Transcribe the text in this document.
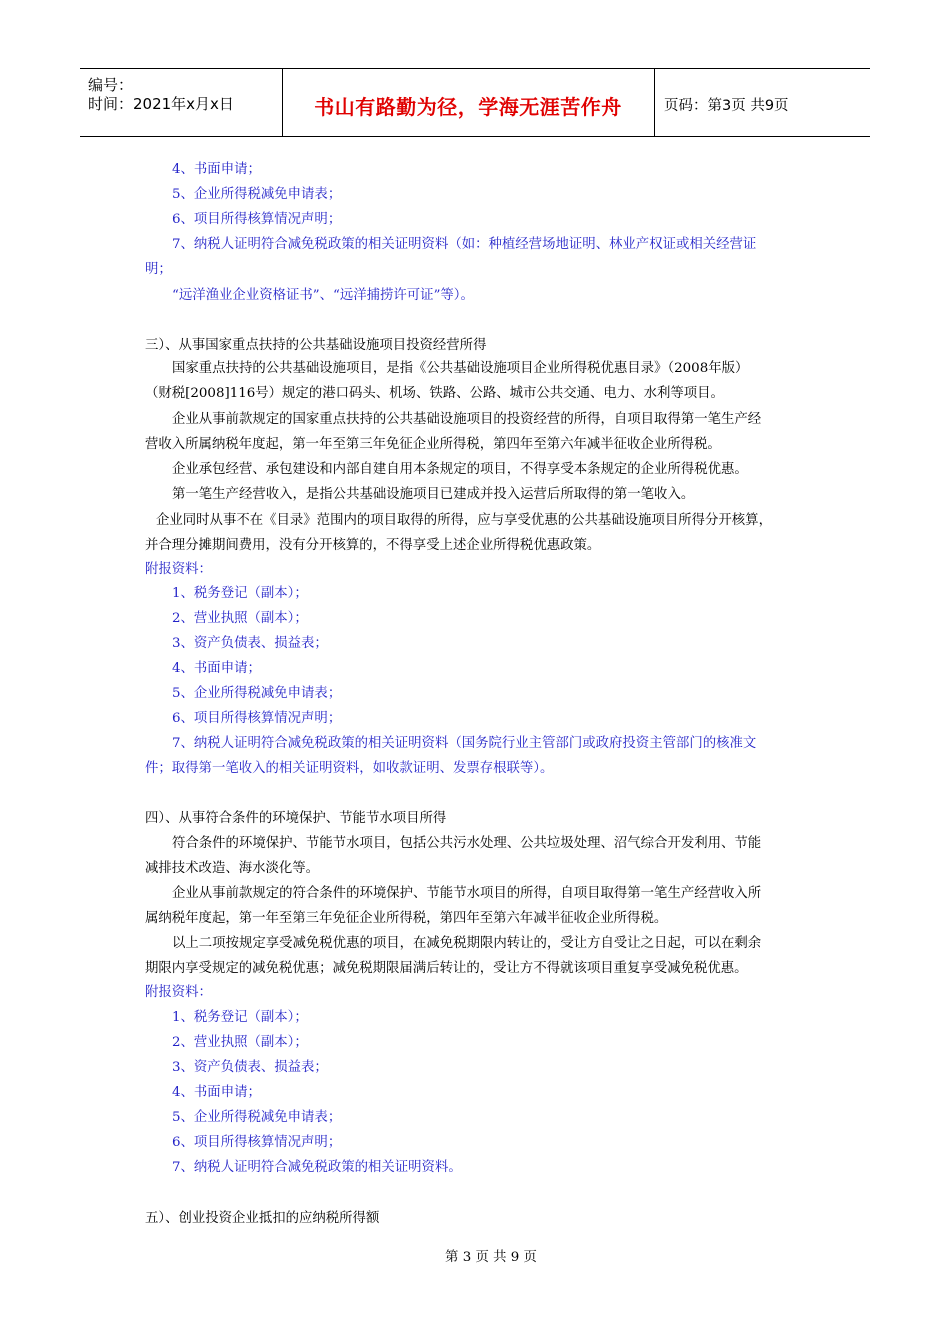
编号：
时间：2021年x月x日	书山有路勤为径，学海无涯苦作舟	页码：第3页 共9页
4、书面申请；
5、企业所得税减免申请表；
6、项目所得核算情况声明；
7、纳税人证明符合减免税政策的相关证明资料（如：种植经营场地证明、林业产权证或相关经营证
明；
“远洋渔业企业资格证书”、“远洋捕捞许可证”等）。
三）、从事国家重点扶持的公共基础设施项目投资经营所得
国家重点扶持的公共基础设施项目，是指《公共基础设施项目企业所得税优惠目录》（2008年版）
（财税[2008]116号）规定的港口码头、机场、铁路、公路、城市公共交通、电力、水利等项目。
企业从事前款规定的国家重点扶持的公共基础设施项目的投资经营的所得，自项目取得第一笔生产经
营收入所属纳税年度起，第一年至第三年免征企业所得税，第四年至第六年减半征收企业所得税。
企业承包经营、承包建设和内部自建自用本条规定的项目，不得享受本条规定的企业所得税优惠。
第一笔生产经营收入，是指公共基础设施项目已建成并投入运营后所取得的第一笔收入。
企业同时从事不在《目录》范围内的项目取得的所得，应与享受优惠的公共基础设施项目所得分开核算，
并合理分摊期间费用，没有分开核算的，不得享受上述企业所得税优惠政策。
附报资料：
1、税务登记（副本）；
2、营业执照（副本）；
3、资产负债表、损益表；
4、书面申请；
5、企业所得税减免申请表；
6、项目所得核算情况声明；
7、纳税人证明符合减免税政策的相关证明资料（国务院行业主管部门或政府投资主管部门的核准文
件；取得第一笔收入的相关证明资料，如收款证明、发票存根联等）。
四）、从事符合条件的环境保护、节能节水项目所得
符合条件的环境保护、节能节水项目，包括公共污水处理、公共垃圾处理、沼气综合开发利用、节能
减排技术改造、海水淡化等。
企业从事前款规定的符合条件的环境保护、节能节水项目的所得，自项目取得第一笔生产经营收入所
属纳税年度起，第一年至第三年免征企业所得税，第四年至第六年减半征收企业所得税。
以上二项按规定享受减免税优惠的项目，在减免税期限内转让的，受让方自受让之日起，可以在剩余
期限内享受规定的减免税优惠；减免税期限届满后转让的，受让方不得就该项目重复享受减免税优惠。
附报资料：
1、税务登记（副本）；
2、营业执照（副本）；
3、资产负债表、损益表；
4、书面申请；
5、企业所得税减免申请表；
6、项目所得核算情况声明；
7、纳税人证明符合减免税政策的相关证明资料。
五）、创业投资企业抵扣的应纳税所得额
第 3 页 共 9 页
